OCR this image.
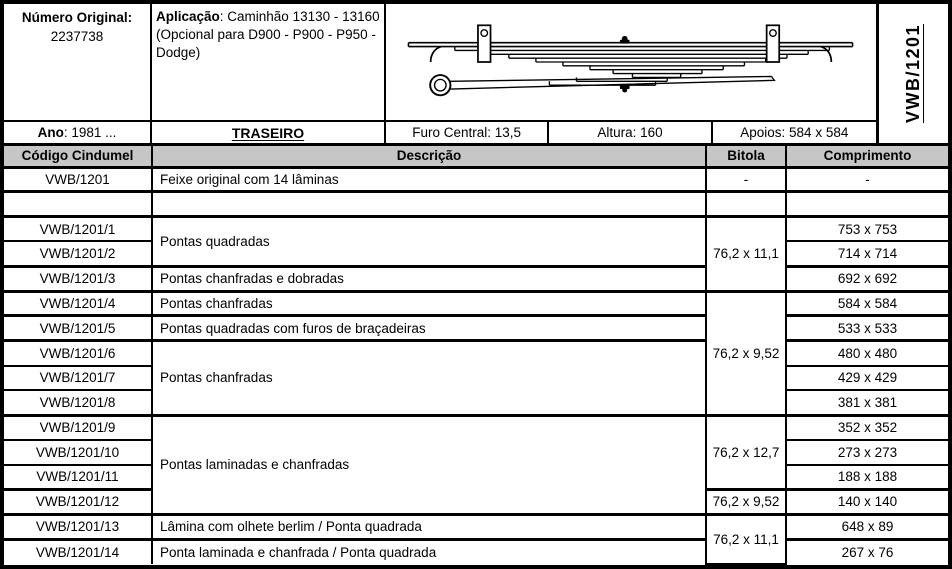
Número Original:
2237738
Aplicação: Caminhão 13130 - 13160 (Opcional para D900 - P900 - P950 - Dodge)	VWB/1201
Ano : 1981 ...	TRASEIRO	Furo Central: 13,5	Altura: 160	Apoios: 584 x 584
Código Cindumel	Descrição	Bitola	Comprimento
VWB/1201	Feixe original com 14 lâminas	-	-

VWB/1201/1	Pontas quadradas	76,2 x 11,1	753 x 753
VWB/1201/2			714 x 714
VWB/1201/3	Pontas chanfradas e dobradas		692 x 692
VWB/1201/4	Pontas chanfradas	76,2 x 9,52	584 x 584
VWB/1201/5	Pontas quadradas com furos de braçadeiras		533 x 533
VWB/1201/6	Pontas chanfradas		480 x 480
VWB/1201/7			429 x 429
VWB/1201/8			381 x 381
VWB/1201/9	Pontas laminadas e chanfradas	76,2 x 12,7	352 x 352
VWB/1201/10			273 x 273
VWB/1201/11			188 x 188
VWB/1201/12		76,2 x 9,52	140 x 140
VWB/1201/13	Lâmina com olhete berlim / Ponta quadrada	76,2 x 11,1	648 x 89
VWB/1201/14	Ponta laminada e chanfrada / Ponta quadrada		267 x 76
